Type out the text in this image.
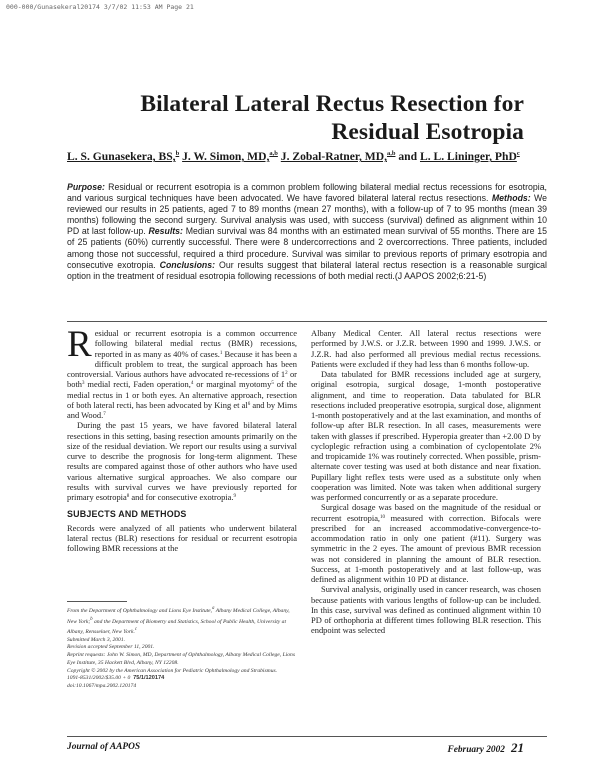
000-000/Gunasekeral20174 3/7/02 11:53 AM Page 21
Bilateral Lateral Rectus Resection for Residual Esotropia
L. S. Gunasekera, BS,$^b$ J. W. Simon, MD,$^{a,b}$ J. Zobal-Ratner, MD,$^{a,b}$ and L. L. Lininger, PhD$^c$
Purpose: Residual or recurrent esotropia is a common problem following bilateral medial rectus recessions for esotropia, and various surgical techniques have been advocated. We have favored bilateral lateral rectus resections. Methods: We reviewed our results in 25 patients, aged 7 to 89 months (mean 27 months), with a follow-up of 7 to 95 months (mean 39 months) following the second surgery. Survival analysis was used, with success (survival) defined as alignment within 10 PD at last follow-up. Results: Median survival was 84 months with an estimated mean survival of 55 months. There are 15 of 25 patients (60%) currently successful. There were 8 undercorrections and 2 overcorrections. Three patients, included among those not successful, required a third procedure. Survival was similar to previous reports of primary esotropia and consecutive exotropia. Conclusions: Our results suggest that bilateral lateral rectus resection is a reasonable surgical option in the treatment of residual esotropia following recessions of both medial recti.(J AAPOS 2002;6:21-5)

Residual or recurrent esotropia is a common occurrence following bilateral medial rectus (BMR) recessions, reported in as many as 40% of cases.$^1$ Because it has been a difficult problem to treat, the surgical approach has been controversial. Various authors have advocated re-recessions of $1^2$ or both$^3$ medial recti, Faden operation,$^4$ or marginal myotomy$^5$ of the medial rectus in 1 or both eyes. An alternative approach, resection of both lateral recti, has been advocated by King et $al^6$ and by Mims and Wood.$^7$

During the past 15 years, we have favored bilateral lateral resections in this setting, basing resection amounts primarily on the size of the residual deviation. We report our results using a survival curve to describe the prognosis for long-term alignment. These results are compared against those of other authors who have used various alternative surgical approaches. We also compare our results with survival curves we have previously reported for primary esotropia$^8$ and for consecutive exotropia.$^9$

SUBJECTS AND METHODS

Records were analyzed of all patients who underwent bilateral lateral rectus (BLR) resections for residual or recurrent esotropia following BMR recessions at the

From the Department of Ophthalmology and Lions Eye Institute,$^a$ Albany Medical College, Albany, New York;$^b$ and the Department of Biometry and Statistics, School of Public Health, University at Albany, Rensselaer, New York.$^c$
Submitted March 3, 2001.
Revision accepted September 11, 2001.
Reprint requests: John W. Simon, MD, Department of Ophthalmology, Albany Medical College, Lions Eye Institute, 35 Hackett Blvd, Albany, NY 12208.
Copyright © 2002 by the American Association for Pediatric Ophthalmology and Strabismus.
1091-8531/2002/$35.00 + 0 75/1/120174
doi:10.1067/mpa.2002.120174

Albany Medical Center. All lateral rectus resections were performed by J.W.S. or J.Z.R. between 1990 and 1999. J.W.S. or J.Z.R. had also performed all previous medial rectus recessions. Patients were excluded if they had less than 6 months follow-up.

Data tabulated for BMR recessions included age at surgery, original esotropia, surgical dosage, 1-month postoperative alignment, and time to reoperation. Data tabulated for BLR resections included preoperative esotropia, surgical dose, alignment 1-month postoperatively and at the last examination, and months of follow-up after BLR resection. In all cases, measurements were taken with glasses if prescribed. Hyperopia greater than +2.00 D by cycloplegic refraction using a combination of cyclopentolate 2% and tropicamide 1% was routinely corrected. When possible, prism-alternate cover testing was used at both distance and near fixation. Pupillary light reflex tests were used as a substitute only when cooperation was limited. Note was taken when additional surgery was performed concurrently or as a separate procedure.

Surgical dosage was based on the magnitude of the residual or recurrent esotropia,$^{10}$ measured with correction. Bifocals were prescribed for an increased accommodative-convergence-to-accommodation ratio in only one patient (#11). Surgery was symmetric in the 2 eyes. The amount of previous BMR recession was not considered in planning the amount of BLR resection. Success, at 1-month postoperatively and at last follow-up, was defined as alignment within 10 PD at distance.

Survival analysis, originally used in cancer research, was chosen because patients with various lengths of follow-up can be included. In this case, survival was defined as continued alignment within 10 PD of orthophoria at different times following BLR resection. This endpoint was selected

Journal of AAPOS	February 2002 21
